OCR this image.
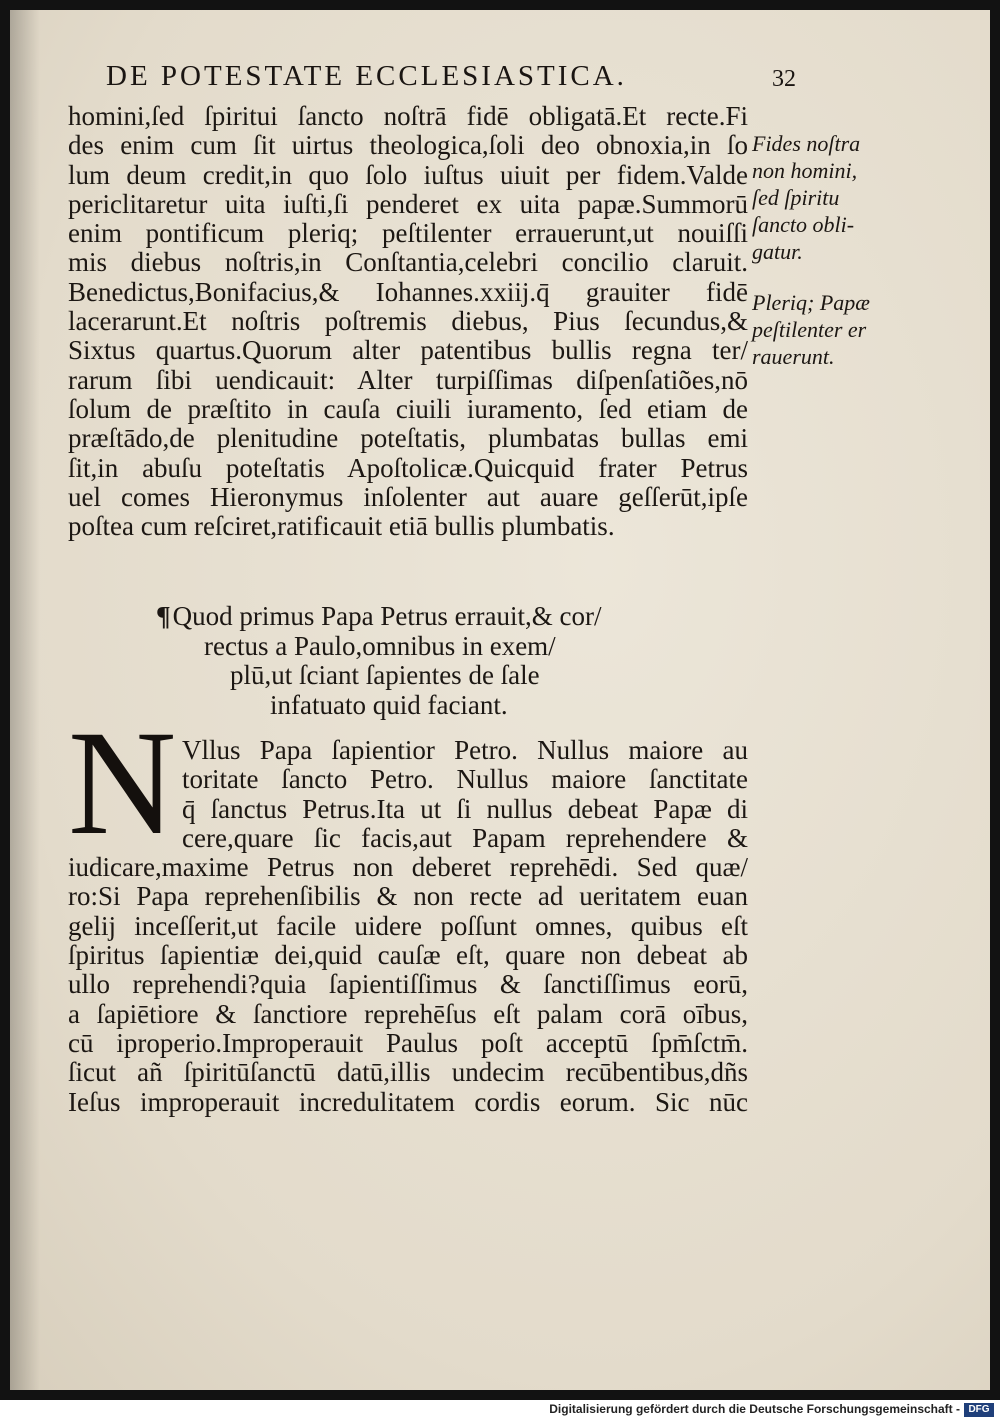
DE POTESTATE ECCLESIASTICA.	32
homini,ſed ſpiritui ſancto noſtrā fidē obligatā.Et recte.Fi
des enim cum ſit uirtus theologica,ſoli deo obnoxia,in ſo
lum deum credit,in quo ſolo iuſtus uiuit per fidem.Valde
periclitaretur uita iuſti,ſi penderet ex uita papæ.Summorū
enim pontificum pleriq; peſtilenter errauerunt,ut nouiſſi
mis diebus noſtris,in Conſtantia,celebri concilio claruit.
Benedictus,Bonifacius,& Iohannes.xxiij.q̄ grauiter fidē
lacerarunt.Et noſtris poſtremis diebus, Pius ſecundus,&
Sixtus quartus.Quorum alter patentibus bullis regna ter/
rarum ſibi uendicauit: Alter turpiſſimas diſpenſatiões,nō
ſolum de præſtito in cauſa ciuili iuramento, ſed etiam de
præſtādo,de plenitudine poteſtatis, plumbatas bullas emi
ſit,in abuſu poteſtatis Apoſtolicæ.Quicquid frater Petrus
uel comes Hieronymus inſolenter aut auare geſſerūt,ipſe
poſtea cum reſciret,ratificauit etiā bullis plumbatis.
Fides noſtra
non homini,
ſed ſpiritu
ſancto obli-
gatur.
Pleriq; Papæ
peſtilenter er
rauerunt.
¶Quod primus Papa Petrus errauit,& cor/
rectus a Paulo,omnibus in exem/
plū,ut ſciant ſapientes de ſale
infatuato quid faciant.
N Vllus Papa ſapientior Petro. Nullus maiore au
toritate ſancto Petro. Nullus maiore ſanctitate
q̄ ſanctus Petrus.Ita ut ſi nullus debeat Papæ di
cere,quare ſic facis,aut Papam reprehendere &
iudicare,maxime Petrus non deberet reprehēdi. Sed quæ/
ro:Si Papa reprehenſibilis & non recte ad ueritatem euan
gelij inceſſerit,ut facile uidere poſſunt omnes, quibus eſt
ſpiritus ſapientiæ dei,quid cauſæ eſt, quare non debeat ab
ullo reprehendi?quia ſapientiſſimus & ſanctiſſimus eorū,
a ſapiētiore & ſanctiore reprehēſus eſt palam corā oībus,
cū iproperio.Improperauit Paulus poſt acceptū ſpm̄ſctm̄.
ſicut añ ſpiritūſanctū datū,illis undecim recūbentibus,dñs
Ieſus improperauit incredulitatem cordis eorum. Sic nūc
Digitalisierung gefördert durch die Deutsche Forschungsgemeinschaft - DFG
